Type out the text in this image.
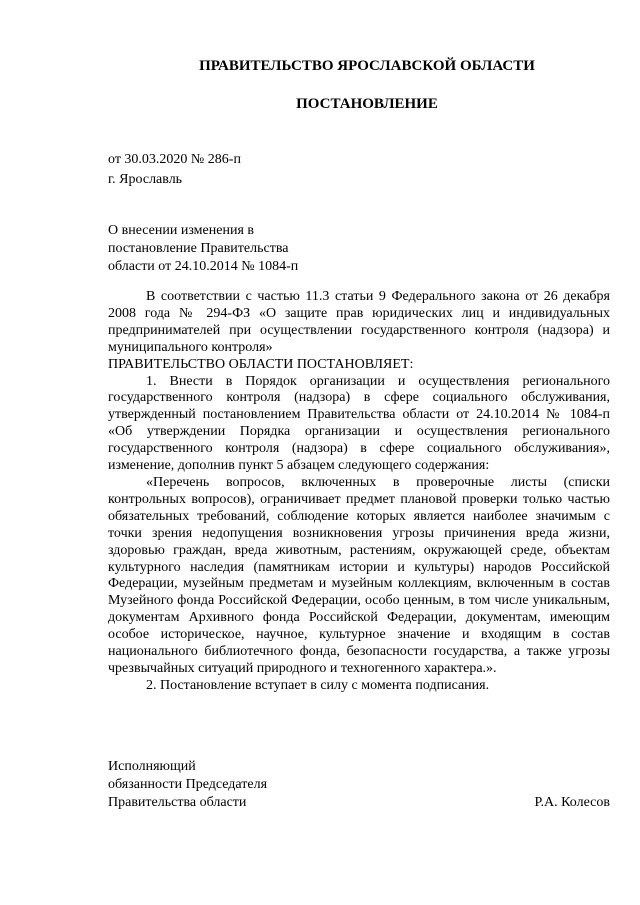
ПРАВИТЕЛЬСТВО ЯРОСЛАВСКОЙ ОБЛАСТИ
ПОСТАНОВЛЕНИЕ
от 30.03.2020 № 286-п
г. Ярославль
О внесении изменения в
постановление Правительства
области от 24.10.2014 № 1084-п

В соответствии с частью 11.3 статьи 9 Федерального закона от 26 декабря 2008 года № 294-ФЗ «О защите прав юридических лиц и индивидуальных предпринимателей при осуществлении государственного контроля (надзора) и муниципального контроля»

ПРАВИТЕЛЬСТВО ОБЛАСТИ ПОСТАНОВЛЯЕТ:

1. Внести в Порядок организации и осуществления регионального государственного контроля (надзора) в сфере социального обслуживания, утвержденный постановлением Правительства области от 24.10.2014 № 1084-п «Об утверждении Порядка организации и осуществления регионального государственного контроля (надзора) в сфере социального обслуживания», изменение, дополнив пункт 5 абзацем следующего содержания:

«Перечень вопросов, включенных в проверочные листы (списки контрольных вопросов), ограничивает предмет плановой проверки только частью обязательных требований, соблюдение которых является наиболее значимым с точки зрения недопущения возникновения угрозы причинения вреда жизни, здоровью граждан, вреда животным, растениям, окружающей среде, объектам культурного наследия (памятникам истории и культуры) народов Российской Федерации, музейным предметам и музейным коллекциям, включенным в состав Музейного фонда Российской Федерации, особо ценным, в том числе уникальным, документам Архивного фонда Российской Федерации, документам, имеющим особое историческое, научное, культурное значение и входящим в состав национального библиотечного фонда, безопасности государства, а также угрозы чрезвычайных ситуаций природного и техногенного характера.».

2. Постановление вступает в силу с момента подписания.

Исполняющий
обязанности Председателя
Правительства области	Р.А. Колесов
